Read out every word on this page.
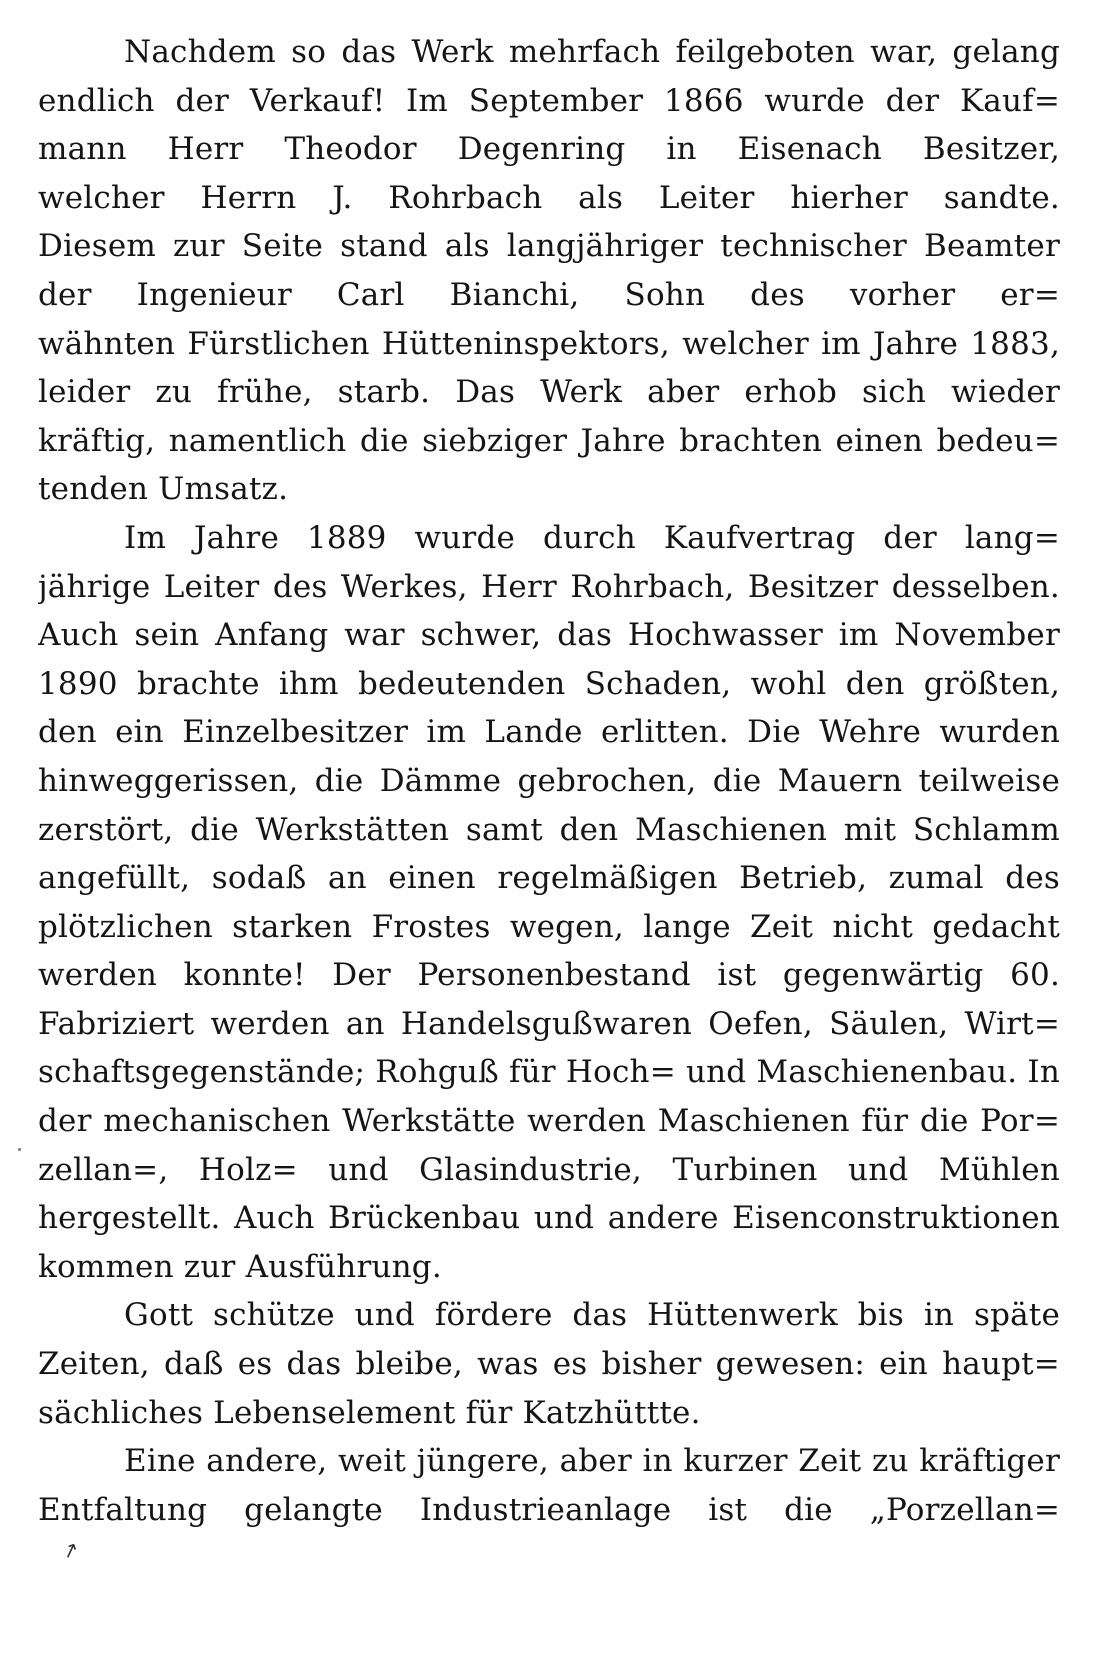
↗
Nachdem so das Werk mehrfach feilgeboten war, gelang
endlich der Verkauf! Im September 1866 wurde der Kauf=
mann Herr Theodor Degenring in Eisenach Besitzer,
welcher Herrn J. Rohrbach als Leiter hierher sandte.
Diesem zur Seite stand als langjähriger technischer Beamter
der Ingenieur Carl Bianchi, Sohn des vorher er=
wähnten Fürstlichen Hütteninspektors, welcher im Jahre 1883,
leider zu frühe, starb. Das Werk aber erhob sich wieder
kräftig, namentlich die siebziger Jahre brachten einen bedeu=
tenden Umsatz.
Im Jahre 1889 wurde durch Kaufvertrag der lang=
jährige Leiter des Werkes, Herr Rohrbach, Besitzer desselben.
Auch sein Anfang war schwer, das Hochwasser im November
1890 brachte ihm bedeutenden Schaden, wohl den größten,
den ein Einzelbesitzer im Lande erlitten. Die Wehre wurden
hinweggerissen, die Dämme gebrochen, die Mauern teilweise
zerstört, die Werkstätten samt den Maschienen mit Schlamm
angefüllt, sodaß an einen regelmäßigen Betrieb, zumal des
plötzlichen starken Frostes wegen, lange Zeit nicht gedacht
werden konnte! Der Personenbestand ist gegenwärtig 60.
Fabriziert werden an Handelsgußwaren Oefen, Säulen, Wirt=
schaftsgegenstände; Rohguß für Hoch= und Maschienenbau. In
der mechanischen Werkstätte werden Maschienen für die Por=
zellan=, Holz= und Glasindustrie, Turbinen und Mühlen
hergestellt. Auch Brückenbau und andere Eisenconstruktionen
kommen zur Ausführung.
Gott schütze und fördere das Hüttenwerk bis in späte
Zeiten, daß es das bleibe, was es bisher gewesen: ein haupt=
sächliches Lebenselement für Katzhüttte.
Eine andere, weit jüngere, aber in kurzer Zeit zu kräftiger
Entfaltung gelangte Industrieanlage ist die „Porzellan=
